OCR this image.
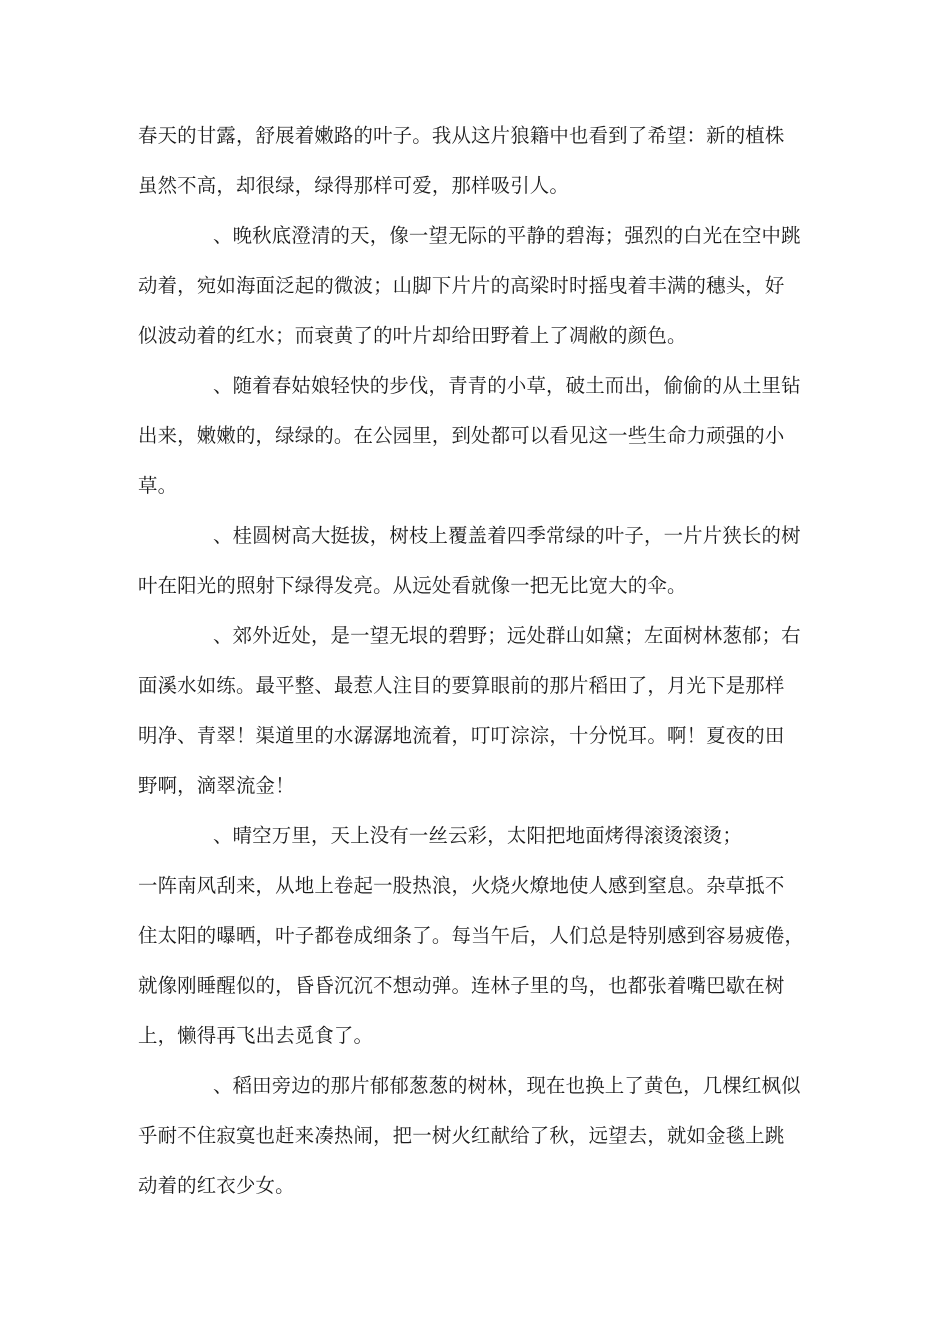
春天的甘露，舒展着嫩路的叶子。我从这片狼籍中也看到了希望：新的植株
虽然不高，却很绿，绿得那样可爱，那样吸引人。
、晚秋底澄清的天，像一望无际的平静的碧海；强烈的白光在空中跳
动着，宛如海面泛起的微波；山脚下片片的高梁时时摇曳着丰满的穗头，好
似波动着的红水；而衰黄了的叶片却给田野着上了凋敝的颜色。
、随着春姑娘轻快的步伐，青青的小草，破土而出，偷偷的从土里钻
出来，嫩嫩的，绿绿的。在公园里，到处都可以看见这一些生命力顽强的小
草。
、桂圆树高大挺拔，树枝上覆盖着四季常绿的叶子，一片片狭长的树
叶在阳光的照射下绿得发亮。从远处看就像一把无比宽大的伞。
、郊外近处，是一望无垠的碧野；远处群山如黛；左面树林葱郁；右
面溪水如练。最平整、最惹人注目的要算眼前的那片稻田了，月光下是那样
明净、青翠！渠道里的水潺潺地流着，叮叮淙淙，十分悦耳。啊！夏夜的田
野啊，滴翠流金！
、晴空万里，天上没有一丝云彩，太阳把地面烤得滚烫滚烫；
一阵南风刮来，从地上卷起一股热浪，火烧火燎地使人感到窒息。杂草抵不
住太阳的曝晒，叶子都卷成细条了。每当午后，人们总是特别感到容易疲倦，
就像刚睡醒似的，昏昏沉沉不想动弹。连林子里的鸟，也都张着嘴巴歇在树
上，懒得再飞出去觅食了。
、稻田旁边的那片郁郁葱葱的树林，现在也换上了黄色，几棵红枫似
乎耐不住寂寞也赶来凑热闹，把一树火红献给了秋，远望去，就如金毯上跳
动着的红衣少女。
